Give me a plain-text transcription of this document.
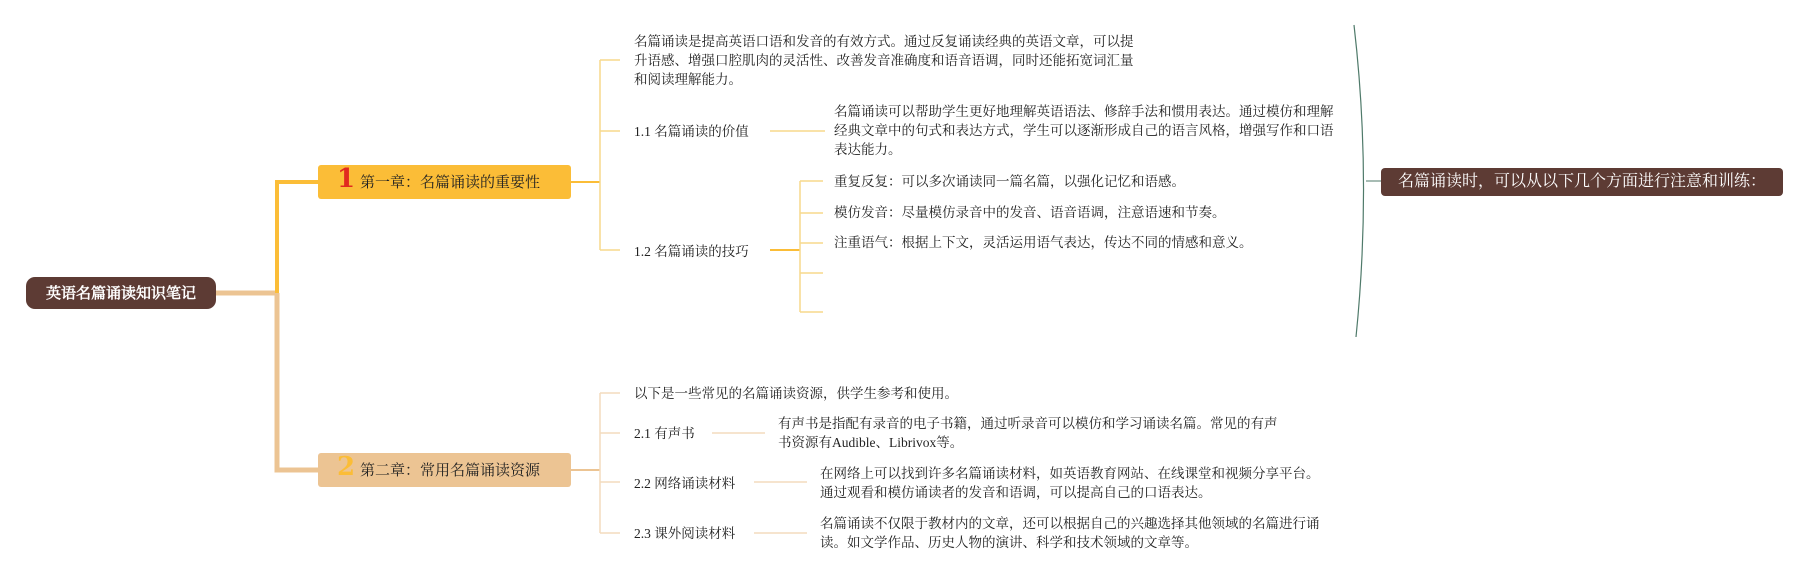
英语名篇诵读知识笔记
1 第一章：名篇诵读的重要性
名篇诵读是提高英语口语和发音的有效方式。通过反复诵读经典的英语文章，可以提升语感、增强口腔肌肉的灵活性、改善发音准确度和语音语调，同时还能拓宽词汇量和阅读理解能力。
1.1 名篇诵读的价值
名篇诵读可以帮助学生更好地理解英语语法、修辞手法和惯用表达。通过模仿和理解经典文章中的句式和表达方式，学生可以逐渐形成自己的语言风格，增强写作和口语表达能力。
1.2 名篇诵读的技巧
重复反复：可以多次诵读同一篇名篇，以强化记忆和语感。
模仿发音：尽量模仿录音中的发音、语音语调，注意语速和节奏。
注重语气：根据上下文，灵活运用语气表达，传达不同的情感和意义。
2 第二章：常用名篇诵读资源
以下是一些常见的名篇诵读资源，供学生参考和使用。
2.1 有声书
有声书是指配有录音的电子书籍，通过听录音可以模仿和学习诵读名篇。常见的有声书资源有Audible、Librivox等。
2.2 网络诵读材料
在网络上可以找到许多名篇诵读材料，如英语教育网站、在线课堂和视频分享平台。通过观看和模仿诵读者的发音和语调，可以提高自己的口语表达。
2.3 课外阅读材料
名篇诵读不仅限于教材内的文章，还可以根据自己的兴趣选择其他领域的名篇进行诵读。如文学作品、历史人物的演讲、科学和技术领域的文章等。
名篇诵读时，可以从以下几个方面进行注意和训练：
